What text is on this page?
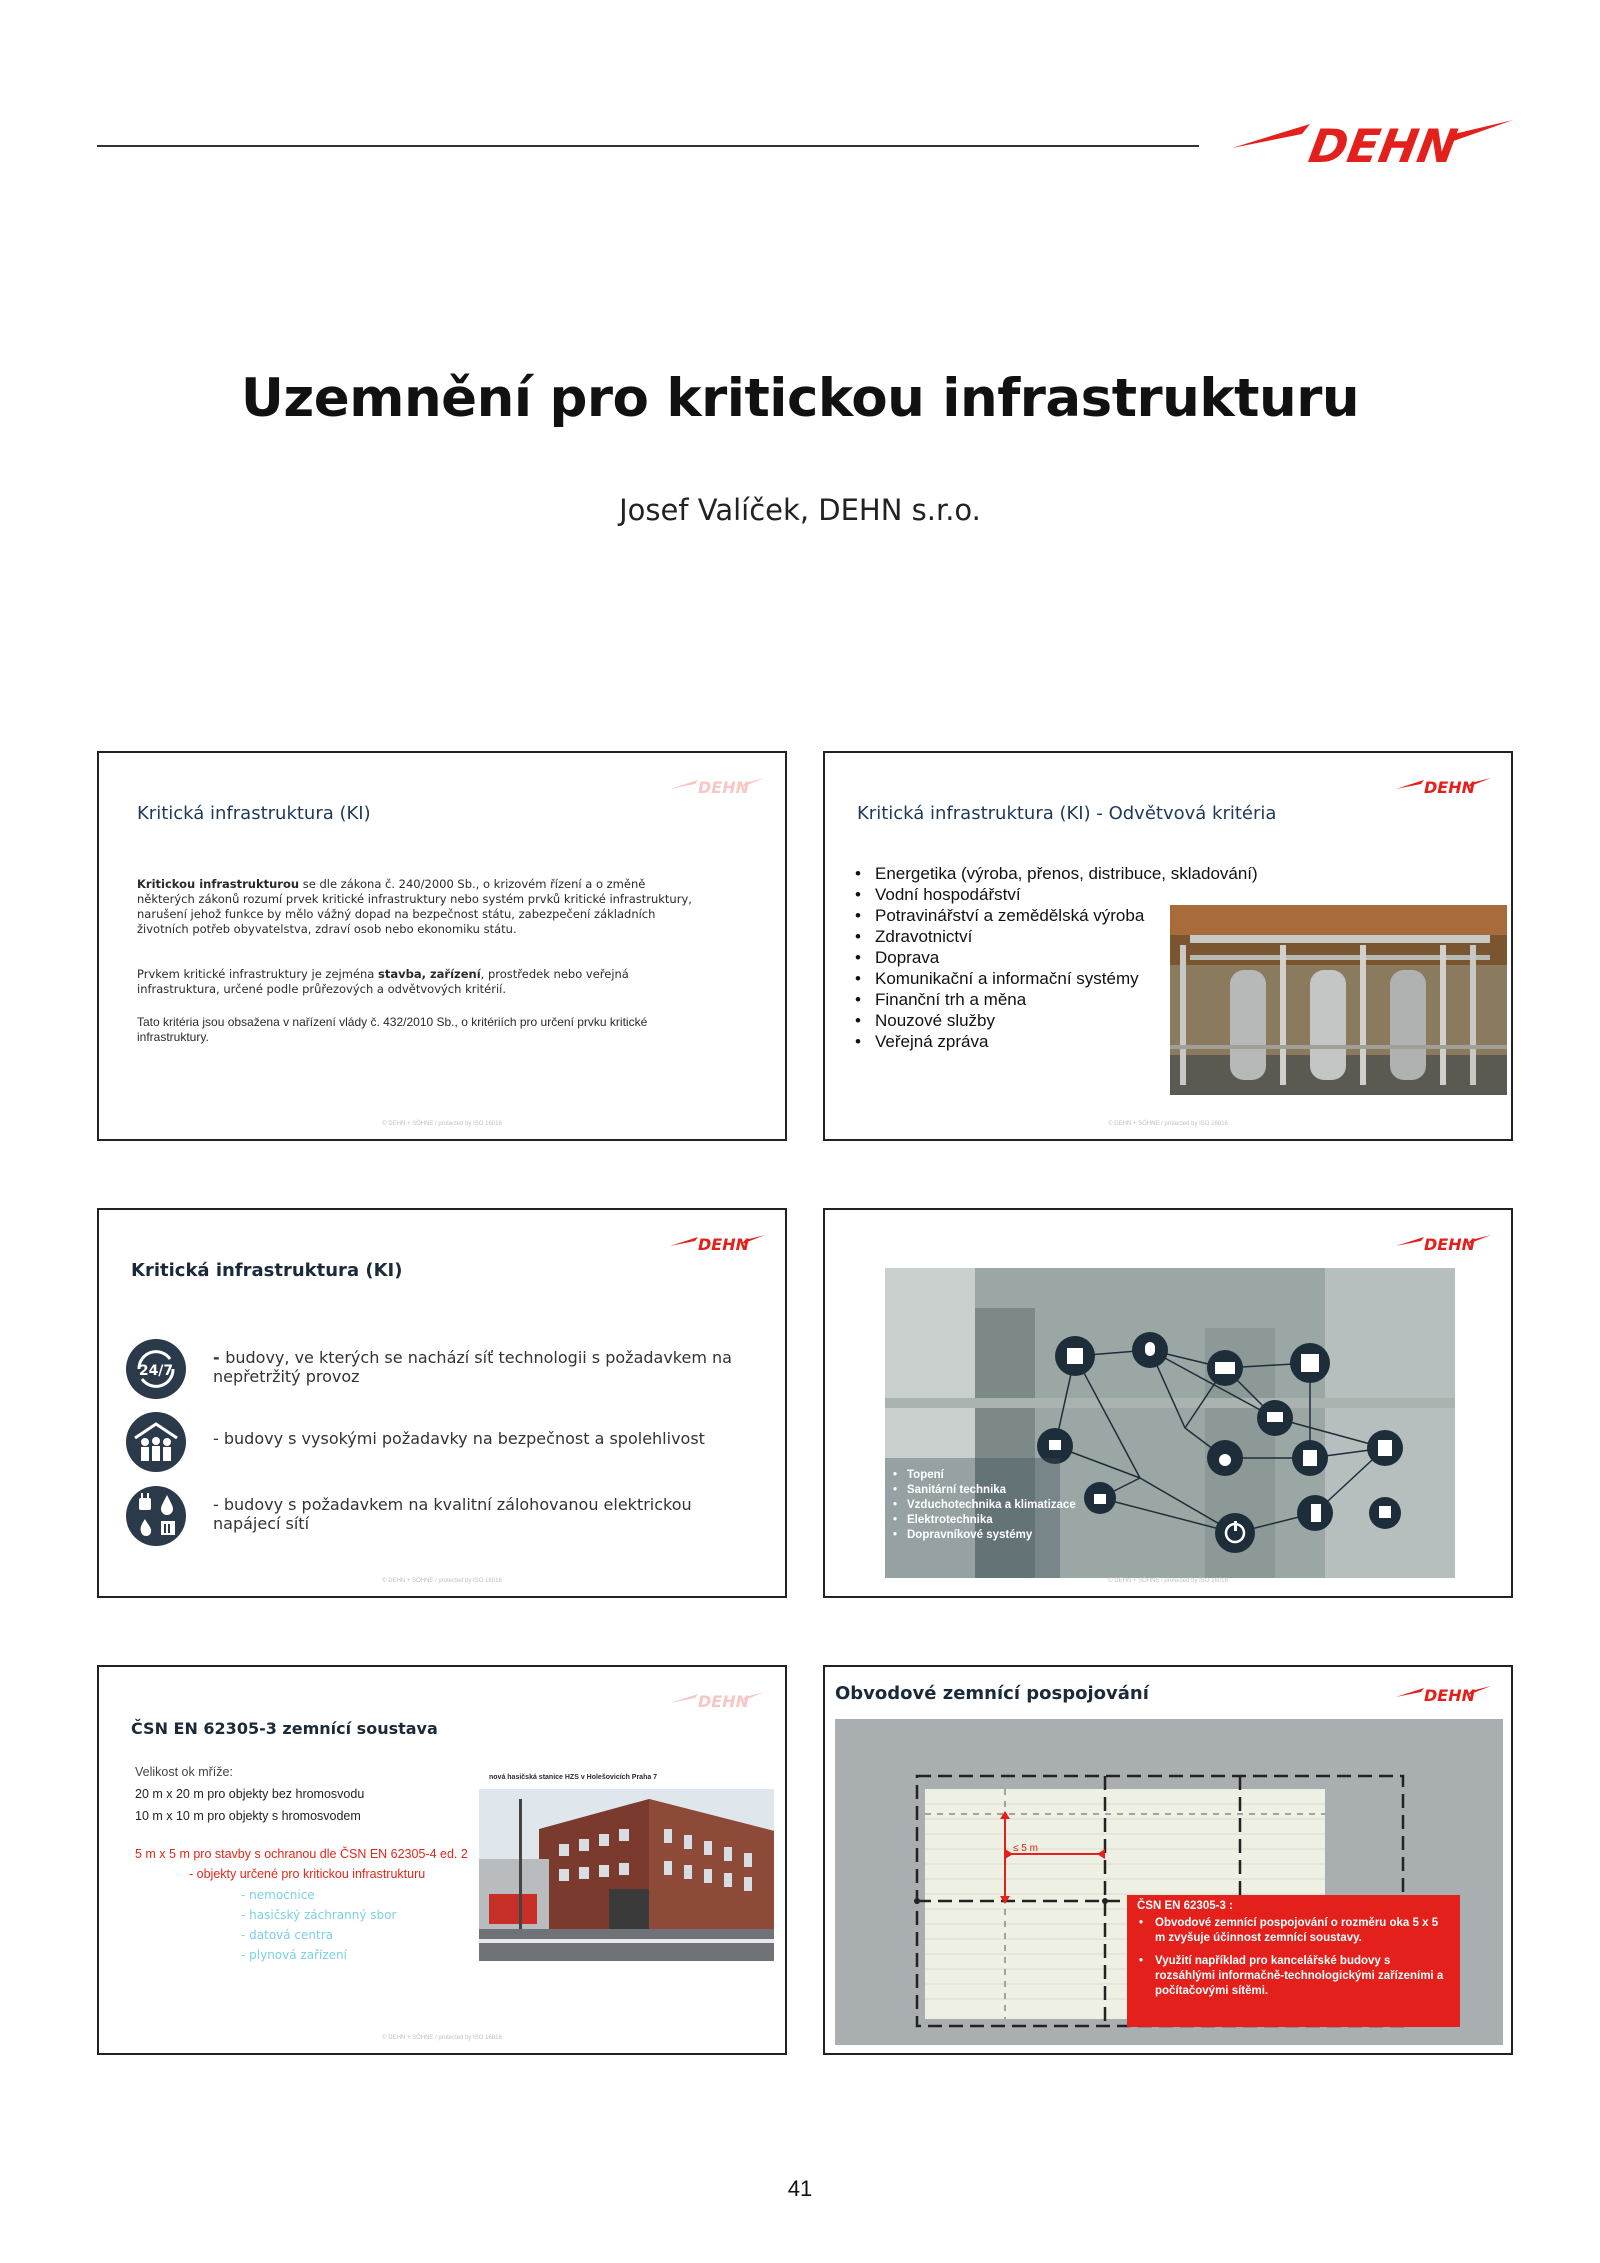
DEHN
Uzemnění pro kritickou infrastrukturu
Josef Valíček, DEHN s.r.o.
DEHN
Kritická infrastruktura (KI)
Kritickou infrastrukturou se dle zákona č. 240/2000 Sb., o krizovém řízení a o změně některých zákonů rozumí prvek kritické infrastruktury nebo systém prvků kritické infrastruktury, narušení jehož funkce by mělo vážný dopad na bezpečnost státu, zabezpečení základních životních potřeb obyvatelstva, zdraví osob nebo ekonomiku státu.
Prvkem kritické infrastruktury je zejména stavba, zařízení, prostředek nebo veřejná infrastruktura, určené podle průřezových a odvětvových kritérií.
Tato kritéria jsou obsažena v nařízení vlády č. 432/2010 Sb., o kritériích pro určení prvku kritické infrastruktury.
© DEHN + SÖHNE / protected by ISO 16016
DEHN
Kritická infrastruktura (KI) - Odvětvová kritéria
• Energetika (výroba, přenos, distribuce, skladování)
• Vodní hospodářství
• Potravinářství a zemědělská výroba
• Zdravotnictví
• Doprava
• Komunikační a informační systémy
• Finanční trh a měna
• Nouzové služby
• Veřejná zpráva
© DEHN + SÖHNE / protected by ISO 16016
DEHN
Kritická infrastruktura (KI)
24/7
- budovy, ve kterých se nachází síť technologii s požadavkem na nepřetržitý provoz
- budovy s vysokými požadavky na bezpečnost a spolehlivost
- budovy s požadavkem na kvalitní zálohovanou elektrickou napájecí sítí
© DEHN + SÖHNE / protected by ISO 16016
DEHN
• Topení
• Sanitární technika
• Vzduchotechnika a klimatizace
• Elektrotechnika
• Dopravníkové systémy
© DEHN + SÖHNE / protected by ISO 16016
DEHN
ČSN EN 62305-3 zemnící soustava
Velikost ok mříže:
20 m x 20 m pro objekty bez hromosvodu
10 m x 10 m pro objekty s hromosvodem
5 m x 5 m pro stavby s ochranou dle ČSN EN 62305-4 ed. 2
- objekty určené pro kritickou infrastrukturu
- nemocnice
- hasičský záchranný sbor
- datová centra
- plynová zařízení
nová hasičská stanice HZS v Holešovicích Praha 7
© DEHN + SÖHNE / protected by ISO 16016
DEHN
Obvodové zemnící pospojování
≤ 5 m
ČSN EN 62305-3 :
• Obvodové zemnící pospojování o rozměru oka 5 x 5 m zvyšuje účinnost zemnící soustavy.
• Využití například pro kancelářské budovy s rozsáhlými informačně-technologickými zařízeními a počítačovými sítěmi.
41
